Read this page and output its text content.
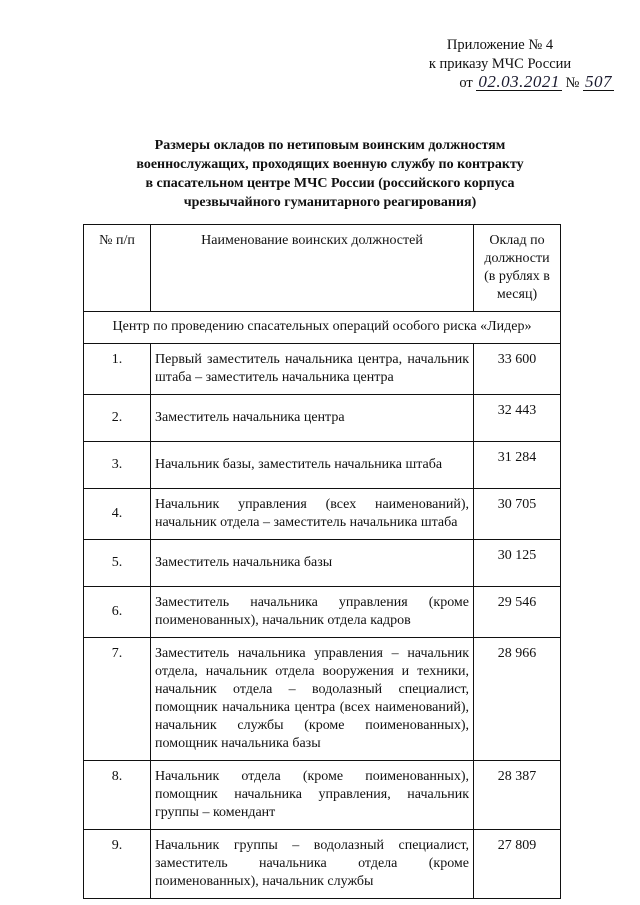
Приложение № 4
к приказу МЧС России
от 02.03.2021 № 507
Размеры окладов по нетиповым воинским должностям
военнослужащих, проходящих военную службу по контракту
в спасательном центре МЧС России (российского корпуса
чрезвычайного гуманитарного реагирования)
№ п/п	Наименование воинских должностей	Оклад по должности (в рублях в месяц)
Центр по проведению спасательных операций особого риска «Лидер»		
1.	Первый заместитель начальника центра, начальник штаба – заместитель начальника центра	33 600
2.	Заместитель начальника центра	32 443
3.	Начальник базы, заместитель начальника штаба	31 284
4.	Начальник управления (всех наименований), начальник отдела – заместитель начальника штаба	30 705
5.	Заместитель начальника базы	30 125
6.	Заместитель начальника управления (кроме поименованных), начальник отдела кадров	29 546
7.	Заместитель начальника управления – начальник отдела, начальник отдела вооружения и техники, начальник отдела – водолазный специалист, помощник начальника центра (всех наименований), начальник службы (кроме поименованных), помощник начальника базы	28 966
8.	Начальник отдела (кроме поименованных), помощник начальника управления, начальник группы – комендант	28 387
9.	Начальник группы – водолазный специалист, заместитель начальника отдела (кроме поименованных), начальник службы	27 809
